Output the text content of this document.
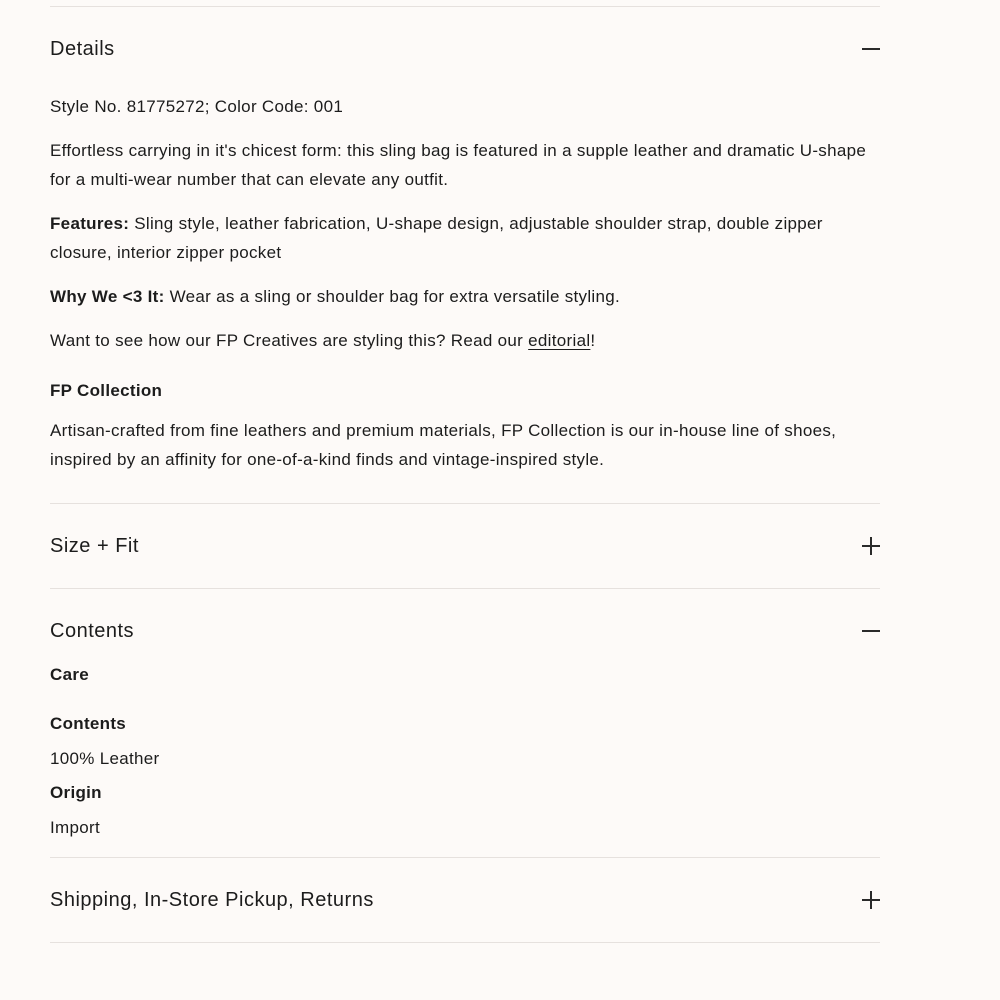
Details

Style No. 81775272; Color Code: 001

Effortless carrying in it's chicest form: this sling bag is featured in a supple leather and dramatic U-shape for a multi-wear number that can elevate any outfit.

Features: Sling style, leather fabrication, U-shape design, adjustable shoulder strap, double zipper closure, interior zipper pocket

Why We <3 It: Wear as a sling or shoulder bag for extra versatile styling.

Want to see how our FP Creatives are styling this? Read our editorial!

FP Collection

Artisan-crafted from fine leathers and premium materials, FP Collection is our in-house line of shoes, inspired by an affinity for one-of-a-kind finds and vintage-inspired style.

Size + Fit
Contents
Care
Contents

100% Leather

Origin

Import

Shipping, In-Store Pickup, Returns
